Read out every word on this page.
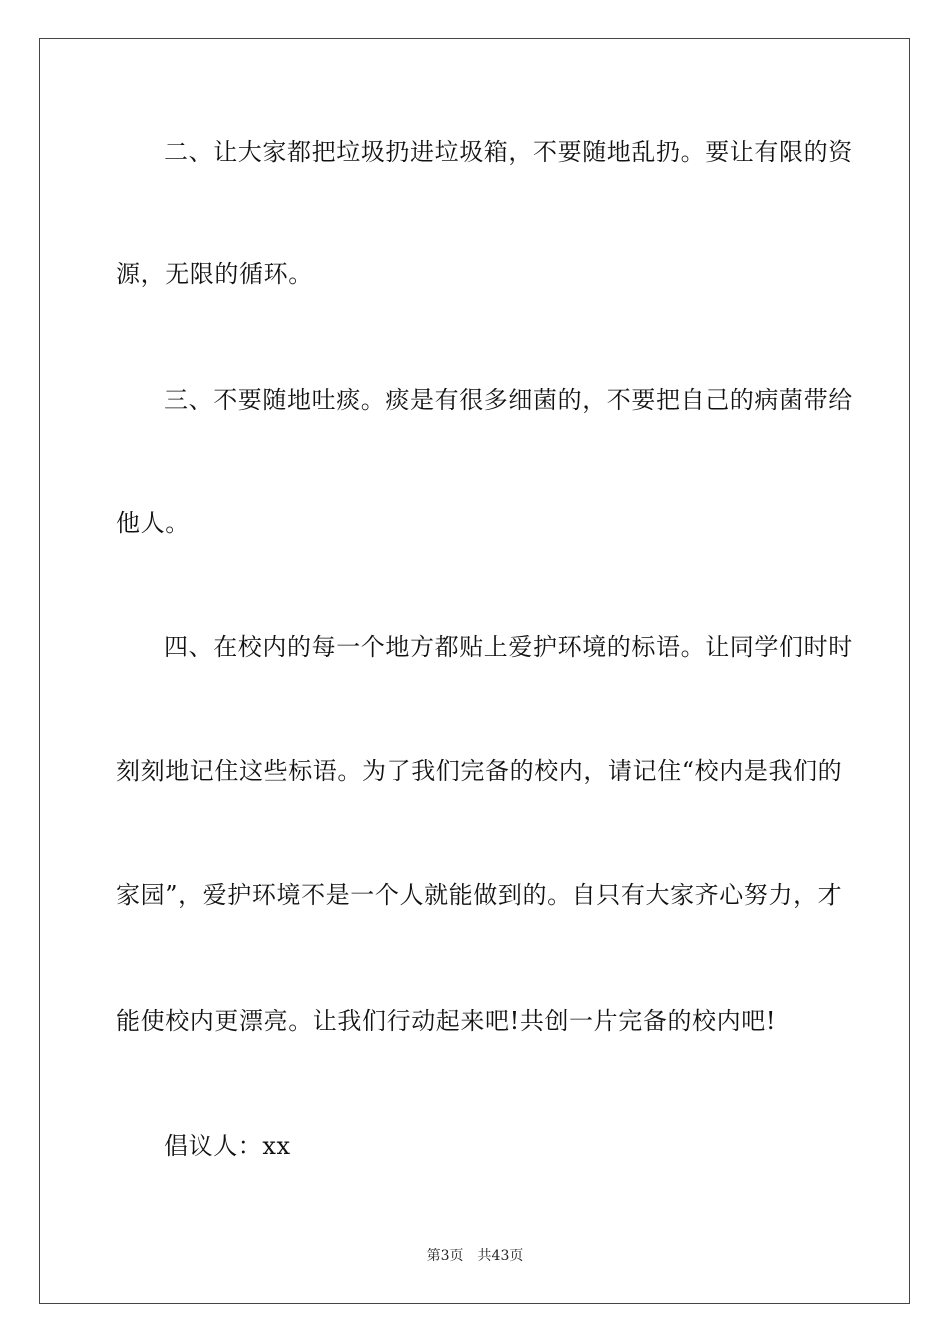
二、让大家都把垃圾扔进垃圾箱，不要随地乱扔。要让有限的资
源，无限的循环。
三、不要随地吐痰。痰是有很多细菌的，不要把自己的病菌带给
他人。
四、在校内的每一个地方都贴上爱护环境的标语。让同学们时时
刻刻地记住这些标语。为了我们完备的校内，请记住“校内是我们的
家园”，爱护环境不是一个人就能做到的。自只有大家齐心努力，才
能使校内更漂亮。让我们行动起来吧!共创一片完备的校内吧!
倡议人：xx
第3页 共43页
